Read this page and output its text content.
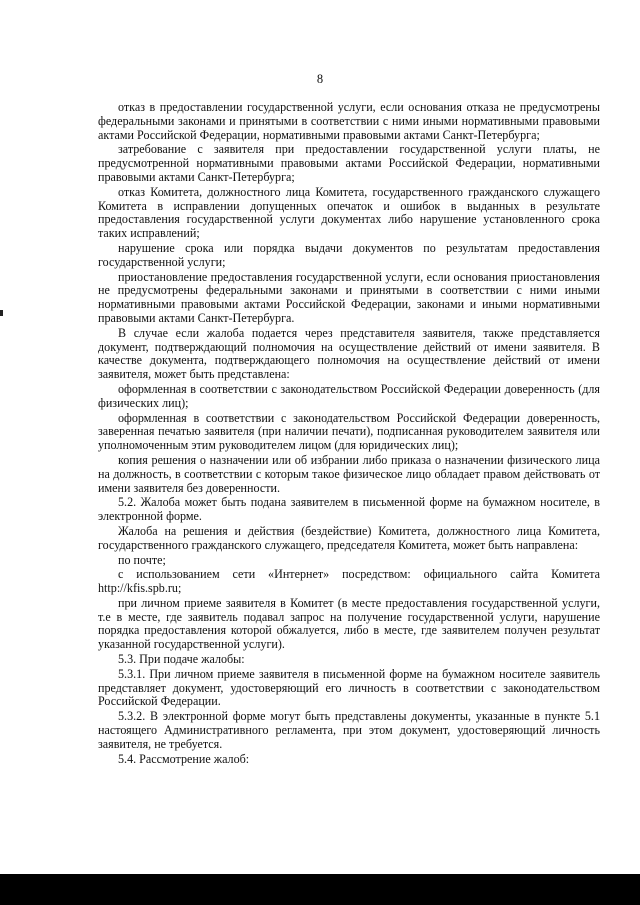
8

отказ в предоставлении государственной услуги, если основания отказа не предусмотрены федеральными законами и принятыми в соответствии с ними иными нормативными правовыми актами Российской Федерации, нормативными правовыми актами Санкт-Петербурга;

затребование с заявителя при предоставлении государственной услуги платы, не предусмотренной нормативными правовыми актами Российской Федерации, нормативными правовыми актами Санкт-Петербурга;

отказ Комитета, должностного лица Комитета, государственного гражданского служащего Комитета в исправлении допущенных опечаток и ошибок в выданных в результате предоставления государственной услуги документах либо нарушение установленного срока таких исправлений;

нарушение срока или порядка выдачи документов по результатам предоставления государственной услуги;

приостановление предоставления государственной услуги, если основания приостановления не предусмотрены федеральными законами и принятыми в соответствии с ними иными нормативными правовыми актами Российской Федерации, законами и иными нормативными правовыми актами Санкт-Петербурга.

В случае если жалоба подается через представителя заявителя, также представляется документ, подтверждающий полномочия на осуществление действий от имени заявителя. В качестве документа, подтверждающего полномочия на осуществление действий от имени заявителя, может быть представлена:

оформленная в соответствии с законодательством Российской Федерации доверенность (для физических лиц);

оформленная в соответствии с законодательством Российской Федерации доверенность, заверенная печатью заявителя (при наличии печати), подписанная руководителем заявителя или уполномоченным этим руководителем лицом (для юридических лиц);

копия решения о назначении или об избрании либо приказа о назначении физического лица на должность, в соответствии с которым такое физическое лицо обладает правом действовать от имени заявителя без доверенности.

5.2. Жалоба может быть подана заявителем в письменной форме на бумажном носителе, в электронной форме.

Жалоба на решения и действия (бездействие) Комитета, должностного лица Комитета, государственного гражданского служащего, председателя Комитета, может быть направлена:

по почте;

с использованием сети «Интернет» посредством: официального сайта Комитета http://kfis.spb.ru;

при личном приеме заявителя в Комитет (в месте предоставления государственной услуги, т.е в месте, где заявитель подавал запрос на получение государственной услуги, нарушение порядка предоставления которой обжалуется, либо в месте, где заявителем получен результат указанной государственной услуги).

5.3. При подаче жалобы:

5.3.1. При личном приеме заявителя в письменной форме на бумажном носителе заявитель представляет документ, удостоверяющий его личность в соответствии с законодательством Российской Федерации.

5.3.2. В электронной форме могут быть представлены документы, указанные в пункте 5.1 настоящего Административного регламента, при этом документ, удостоверяющий личность заявителя, не требуется.

5.4. Рассмотрение жалоб:
